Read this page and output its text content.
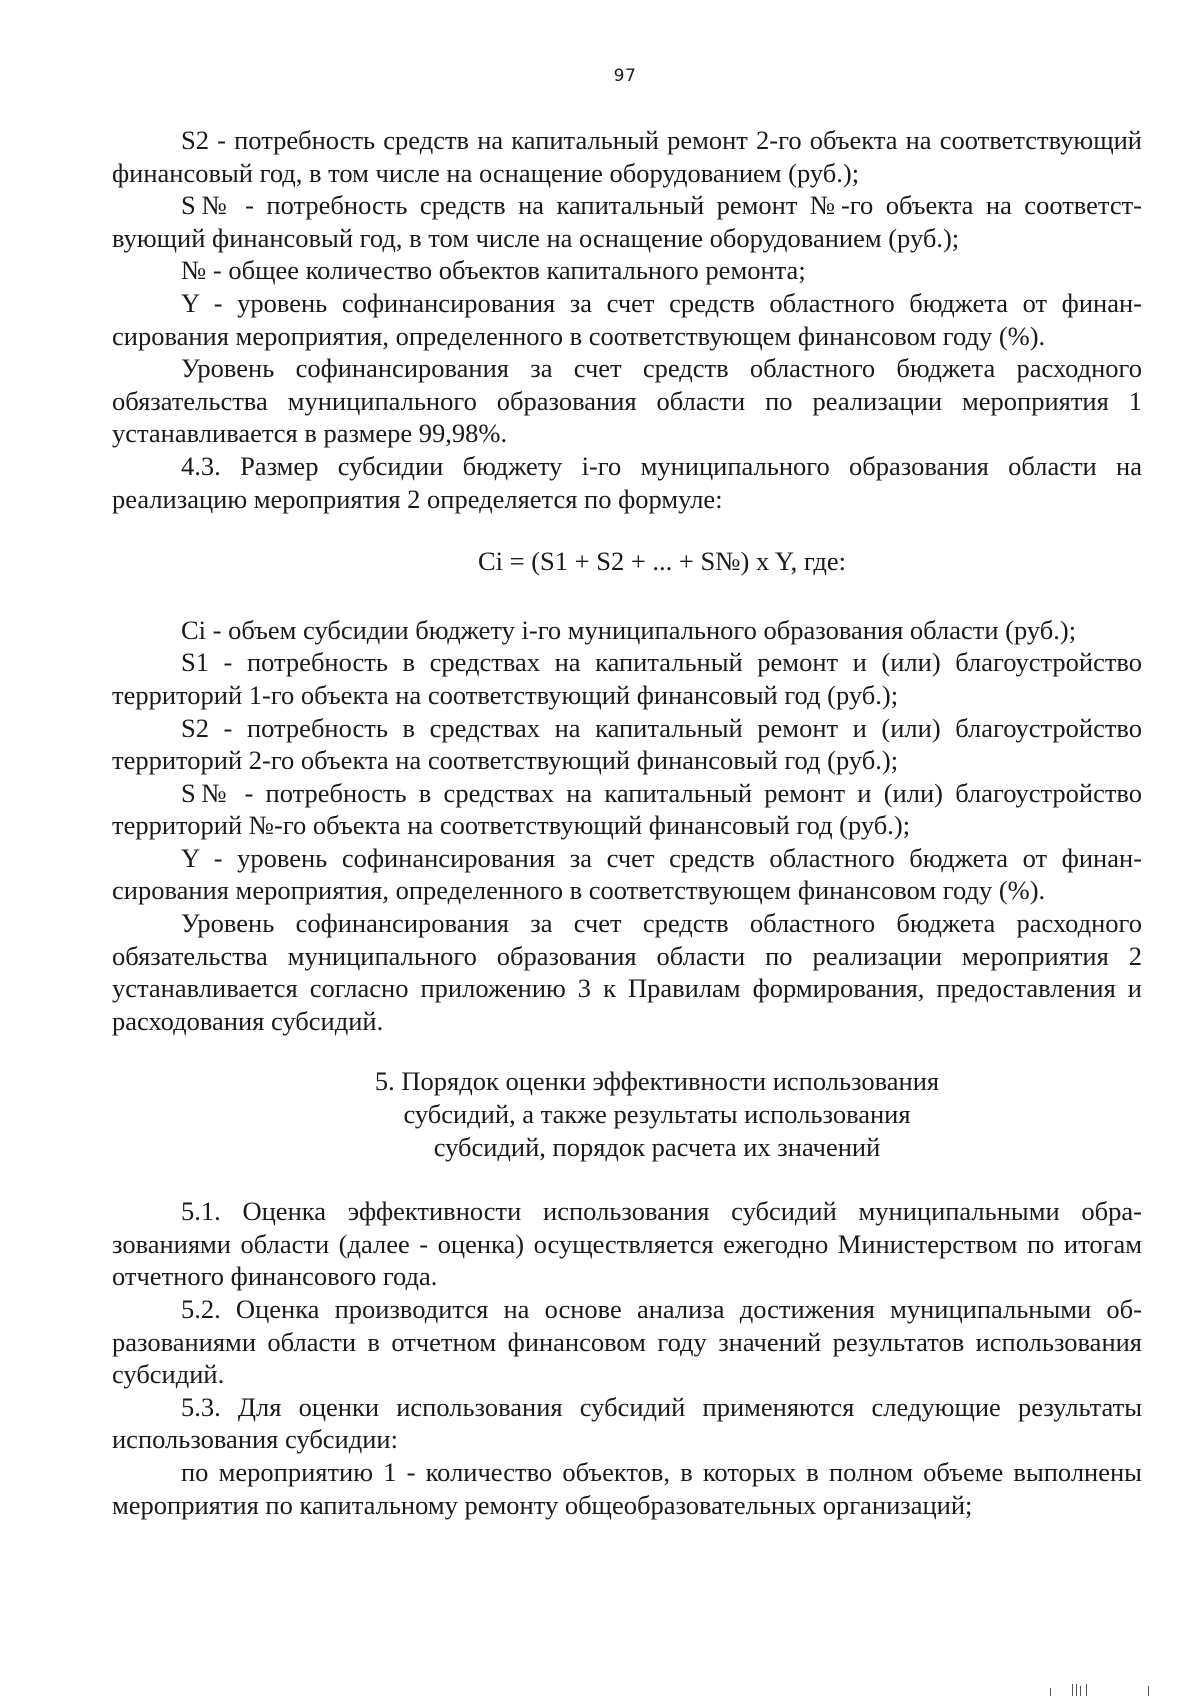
97

S2 - потребность средств на капитальный ремонт 2-го объекта на соответствующий финансовый год, в том числе на оснащение оборудованием (руб.);

S№ - потребность средств на капитальный ремонт №-го объекта на соответствующий финансовый год, в том числе на оснащение оборудованием (руб.);

№ - общее количество объектов капитального ремонта;

Y - уровень софинансирования за счет средств областного бюджета от финансирования мероприятия, определенного в соответствующем финансовом году (%).

Уровень софинансирования за счет средств областного бюджета расходного обязательства муниципального образования области по реализации мероприятия 1 устанавливается в размере 99,98%.

4.3. Размер субсидии бюджету i-го муниципального образования области на реализацию мероприятия 2 определяется по формуле:

Ci = (S1 + S2 + ... + S№) x Y, где:

Ci - объем субсидии бюджету i-го муниципального образования области (руб.);

S1 - потребность в средствах на капитальный ремонт и (или) благоустройство территорий 1-го объекта на соответствующий финансовый год (руб.);

S2 - потребность в средствах на капитальный ремонт и (или) благоустройство территорий 2-го объекта на соответствующий финансовый год (руб.);

S№ - потребность в средствах на капитальный ремонт и (или) благоустройство территорий №-го объекта на соответствующий финансовый год (руб.);

Y - уровень софинансирования за счет средств областного бюджета от финансирования мероприятия, определенного в соответствующем финансовом году (%).

Уровень софинансирования за счет средств областного бюджета расходного обязательства муниципального образования области по реализации мероприятия 2 устанавливается согласно приложению 3 к Правилам формирования, предоставления и расходования субсидий.

5. Порядок оценки эффективности использования
субсидий, а также результаты использования
субсидий, порядок расчета их значений

5.1. Оценка эффективности использования субсидий муниципальными образованиями области (далее - оценка) осуществляется ежегодно Министерством по итогам отчетного финансового года.

5.2. Оценка производится на основе анализа достижения муниципальными образованиями области в отчетном финансовом году значений результатов использования субсидий.

5.3. Для оценки использования субсидий применяются следующие результаты использования субсидии:

по мероприятию 1 - количество объектов, в которых в полном объеме выполнены мероприятия по капитальному ремонту общеобразовательных организаций;
